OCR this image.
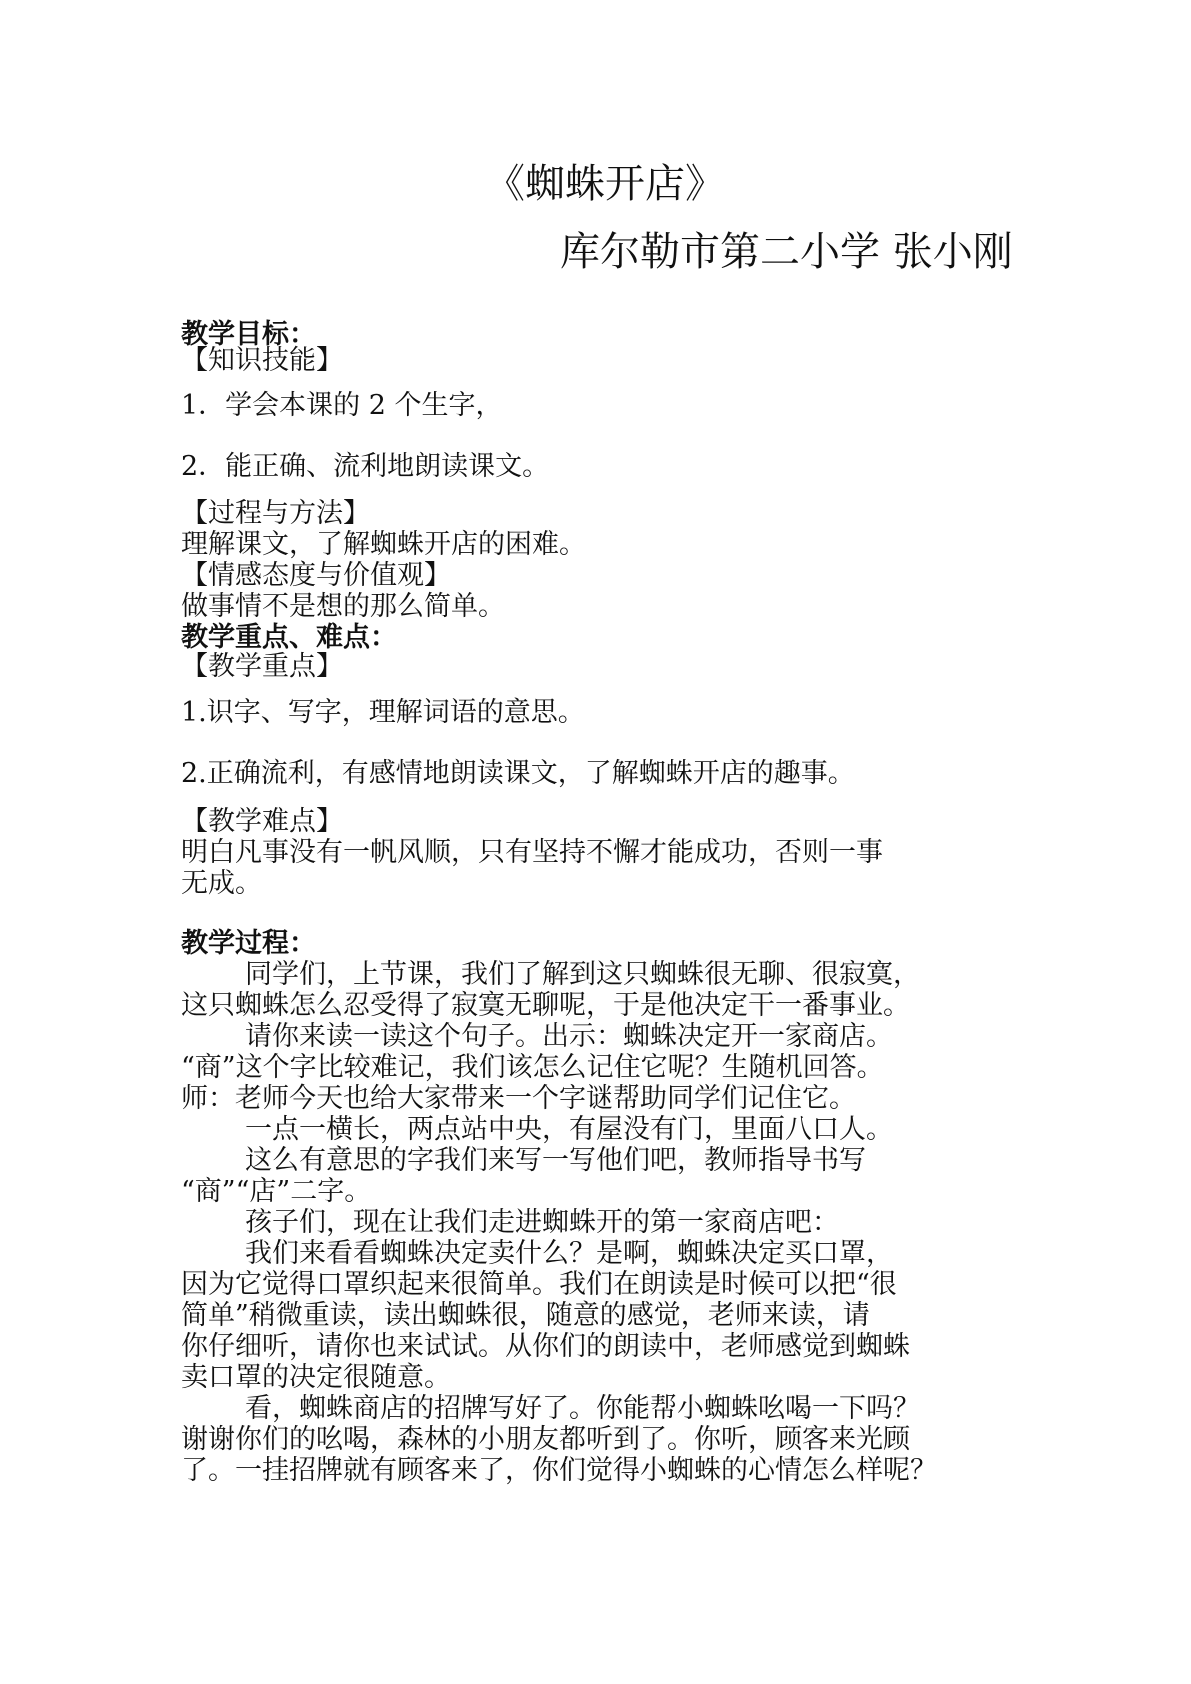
《蜘蛛开店》
库尔勒市第二小学 张小刚
教学目标：
【知识技能】
1．学会本课的 2 个生字，
2．能正确、流利地朗读课文。
【过程与方法】
理解课文，了解蜘蛛开店的困难。
【情感态度与价值观】
做事情不是想的那么简单。
教学重点、难点：
【教学重点】
1.识字、写字，理解词语的意思。
2.正确流利，有感情地朗读课文，了解蜘蛛开店的趣事。
【教学难点】
明白凡事没有一帆风顺，只有坚持不懈才能成功，否则一事
无成。
教学过程：
同学们，上节课，我们了解到这只蜘蛛很无聊、很寂寞，
这只蜘蛛怎么忍受得了寂寞无聊呢，于是他决定干一番事业。
请你来读一读这个句子。出示：蜘蛛决定开一家商店。
“商”这个字比较难记，我们该怎么记住它呢？生随机回答。
师：老师今天也给大家带来一个字谜帮助同学们记住它。
一点一横长，两点站中央，有屋没有门，里面八口人。
这么有意思的字我们来写一写他们吧，教师指导书写
“商”“店”二字。
孩子们，现在让我们走进蜘蛛开的第一家商店吧：
我们来看看蜘蛛决定卖什么？是啊，蜘蛛决定买口罩，
因为它觉得口罩织起来很简单。我们在朗读是时候可以把“很
简单”稍微重读，读出蜘蛛很，随意的感觉，老师来读，请
你仔细听，请你也来试试。从你们的朗读中，老师感觉到蜘蛛
卖口罩的决定很随意。
看，蜘蛛商店的招牌写好了。你能帮小蜘蛛吆喝一下吗？
谢谢你们的吆喝，森林的小朋友都听到了。你听，顾客来光顾
了。一挂招牌就有顾客来了，你们觉得小蜘蛛的心情怎么样呢？
